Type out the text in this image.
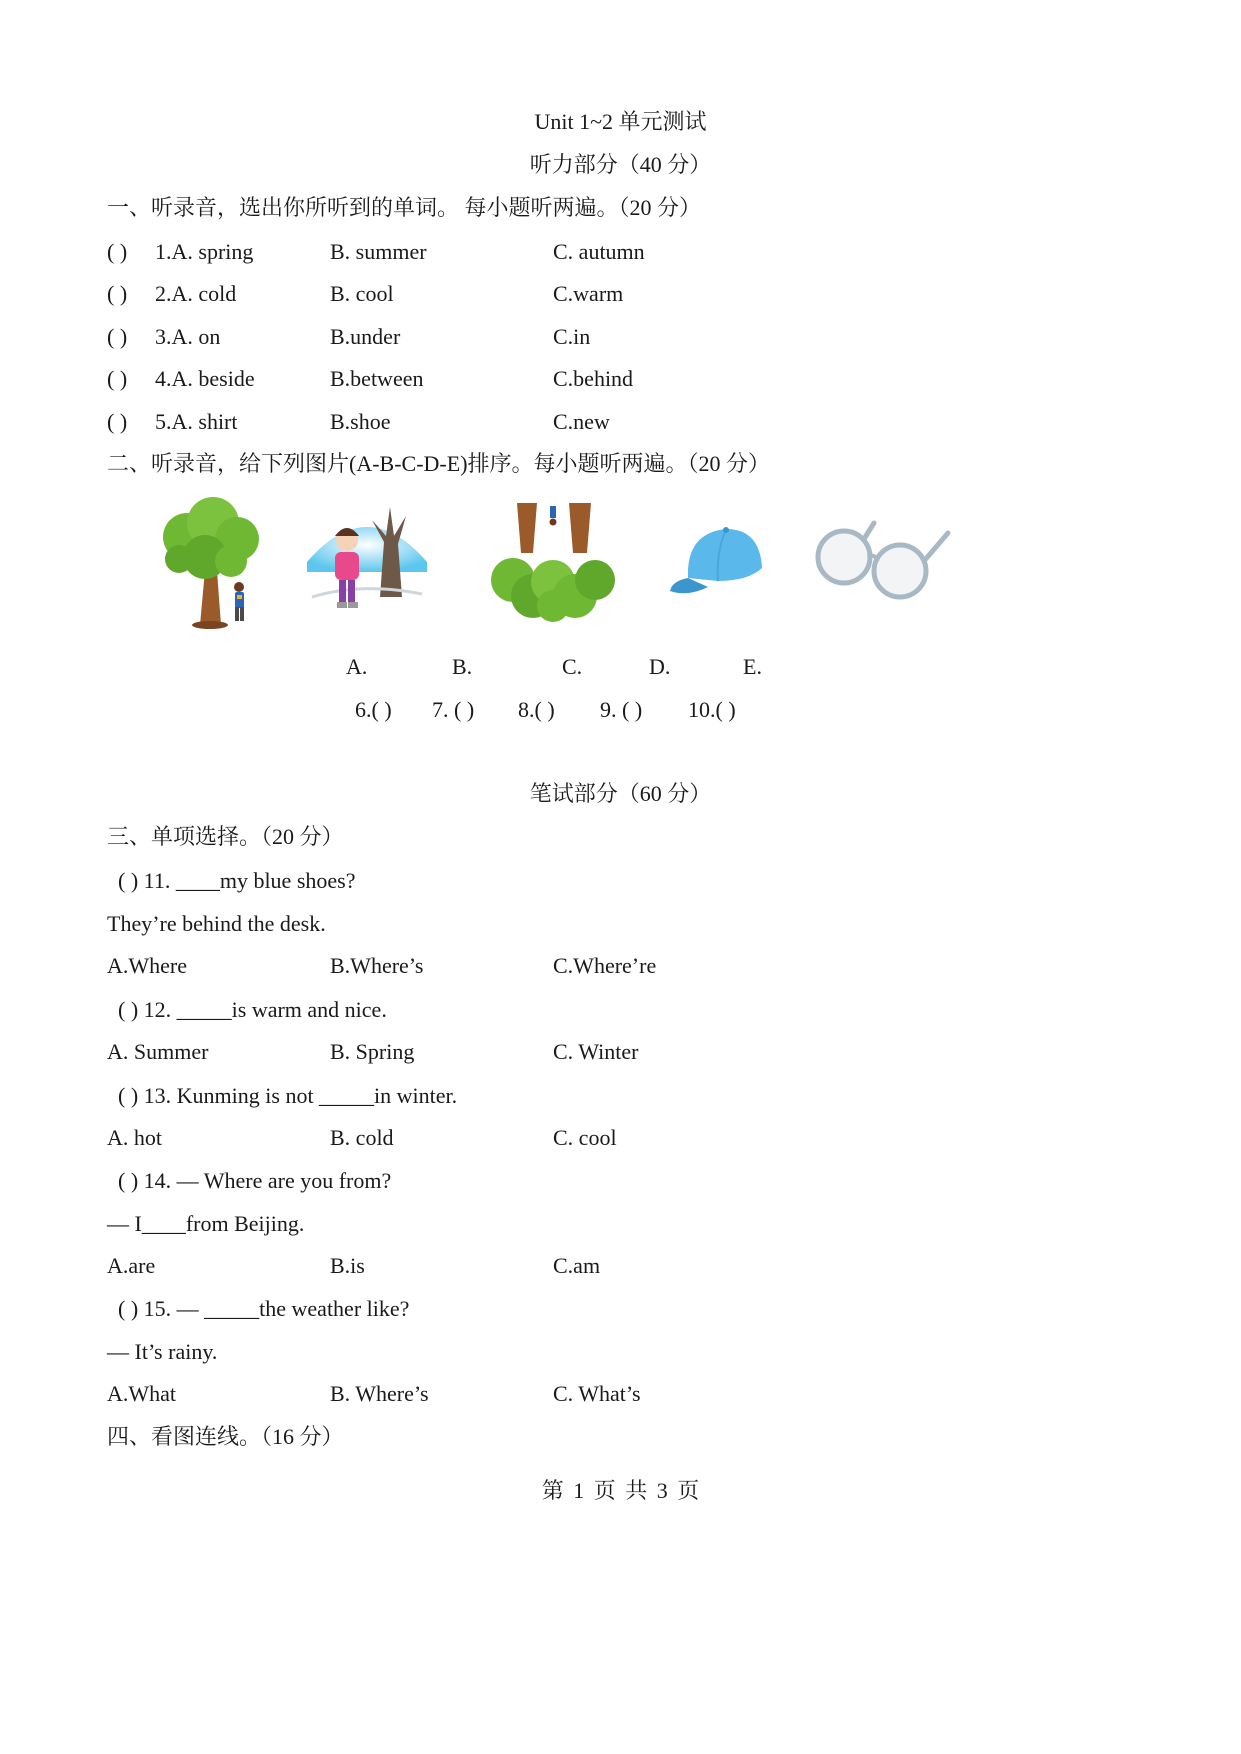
Unit 1~2 单元测试
听力部分（40 分）
一、听录音，选出你所听到的单词。 每小题听两遍。（20 分）
( ) 1.A. spring	B. summer	C. autumn
( ) 2.A. cold	B. cool	C.warm
( ) 3.A. on	B.under	C.in
( ) 4.A. beside	B.between	C.behind
( ) 5.A. shirt	B.shoe	C.new
二、听录音，给下列图片(A-B-C-D-E)排序。每小题听两遍。（20 分）
A.	B.	C.	D.	E.
6.( ) 7. ( ) 8.( ) 9. ( ) 10.( )
笔试部分（60 分）
三、单项选择。（20 分）
( ) 11. ____my blue shoes?
They’re behind the desk.
A.Where	B.Where’s	C.Where’re
( ) 12. _____is warm and nice.
A. Summer	B. Spring	C. Winter
( ) 13. Kunming is not _____in winter.
A. hot	B. cold	C. cool
( ) 14. — Where are you from?
— I____from Beijing.
A.are	B.is	C.am
( ) 15. — _____the weather like?
— It’s rainy.
A.What	B. Where’s	C. What’s
四、看图连线。（16 分）
第 1 页 共 3 页
